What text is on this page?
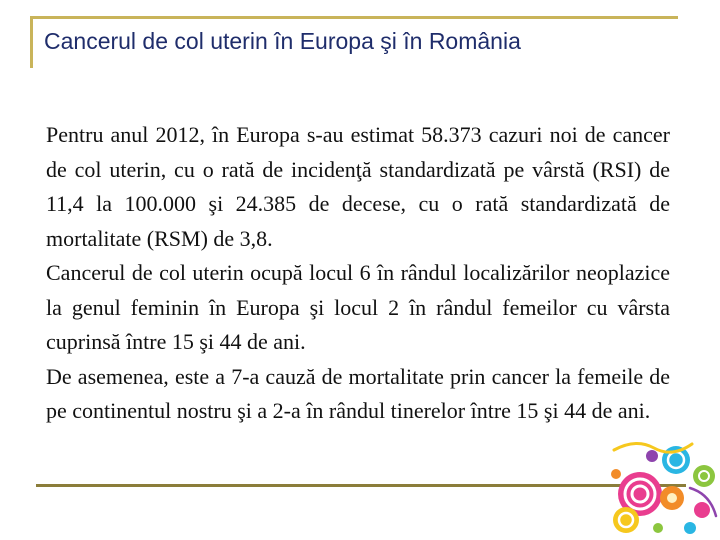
Cancerul de col uterin în Europa şi în România

Pentru anul 2012, în Europa s-au estimat 58.373 cazuri noi de cancer de col uterin, cu o rată de incidenţă standardizată pe vârstă (RSI) de 11,4 la 100.000 şi 24.385 de decese, cu o rată standardizată de mortalitate (RSM) de 3,8.

Cancerul de col uterin ocupă locul 6 în rândul localizărilor neoplazice la genul feminin în Europa şi locul 2 în rândul femeilor cu vârsta cuprinsă între 15 şi 44 de ani.

De asemenea, este a 7-a cauză de mortalitate prin cancer la femeile de pe continentul nostru şi a 2-a în rândul tinerelor între 15 şi 44 de ani.
